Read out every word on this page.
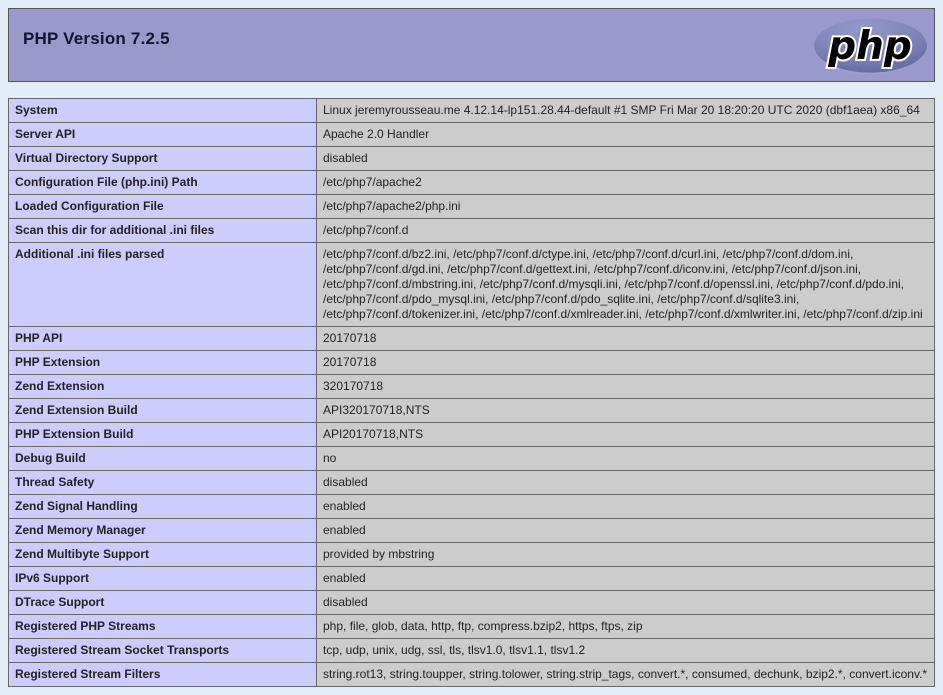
PHP Version 7.2.5	php
System	Linux jeremyrousseau.me 4.12.14-lp151.28.44-default #1 SMP Fri Mar 20 18:20:20 UTC 2020 (dbf1aea) x86_64
Server API	Apache 2.0 Handler
Virtual Directory Support	disabled
Configuration File (php.ini) Path	/etc/php7/apache2
Loaded Configuration File	/etc/php7/apache2/php.ini
Scan this dir for additional .ini files	/etc/php7/conf.d
Additional .ini files parsed	/etc/php7/conf.d/bz2.ini, /etc/php7/conf.d/ctype.ini, /etc/php7/conf.d/curl.ini, /etc/php7/conf.d/dom.ini, /etc/php7/conf.d/gd.ini, /etc/php7/conf.d/gettext.ini, /etc/php7/conf.d/iconv.ini, /etc/php7/conf.d/json.ini, /etc/php7/conf.d/mbstring.ini, /etc/php7/conf.d/mysqli.ini, /etc/php7/conf.d/openssl.ini, /etc/php7/conf.d/pdo.ini, /etc/php7/conf.d/pdo_mysql.ini, /etc/php7/conf.d/pdo_sqlite.ini, /etc/php7/conf.d/sqlite3.ini, /etc/php7/conf.d/tokenizer.ini, /etc/php7/conf.d/xmlreader.ini, /etc/php7/conf.d/xmlwriter.ini, /etc/php7/conf.d/zip.ini
PHP API	20170718
PHP Extension	20170718
Zend Extension	320170718
Zend Extension Build	API320170718,NTS
PHP Extension Build	API20170718,NTS
Debug Build	no
Thread Safety	disabled
Zend Signal Handling	enabled
Zend Memory Manager	enabled
Zend Multibyte Support	provided by mbstring
IPv6 Support	enabled
DTrace Support	disabled
Registered PHP Streams	php, file, glob, data, http, ftp, compress.bzip2, https, ftps, zip
Registered Stream Socket Transports	tcp, udp, unix, udg, ssl, tls, tlsv1.0, tlsv1.1, tlsv1.2
Registered Stream Filters	string.rot13, string.toupper, string.tolower, string.strip_tags, convert.*, consumed, dechunk, bzip2.*, convert.iconv.*
